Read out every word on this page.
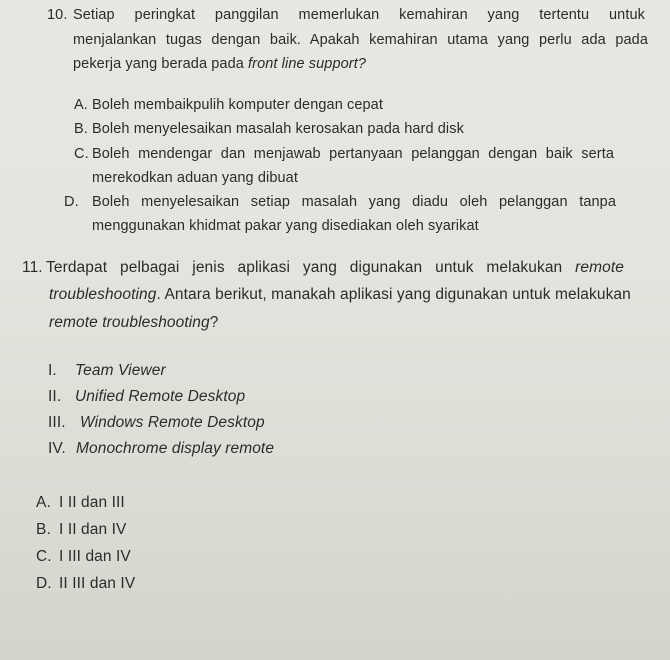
10. Setiap peringkat panggilan memerlukan kemahiran yang tertentu untuk
menjalankan tugas dengan baik. Apakah kemahiran utama yang perlu ada pada
pekerja yang berada pada front line support?
A. Boleh membaikpulih komputer dengan cepat
B. Boleh menyelesaikan masalah kerosakan pada hard disk
C. Boleh mendengar dan menjawab pertanyaan pelanggan dengan baik serta
merekodkan aduan yang dibuat
D. Boleh menyelesaikan setiap masalah yang diadu oleh pelanggan tanpa
menggunakan khidmat pakar yang disediakan oleh syarikat
11. Terdapat pelbagai jenis aplikasi yang digunakan untuk melakukan remote
troubleshooting. Antara berikut, manakah aplikasi yang digunakan untuk melakukan
remote troubleshooting?
I. Team Viewer
II. Unified Remote Desktop
III. Windows Remote Desktop
IV. Monochrome display remote
A. I II dan III
B. I II dan IV
C. I III dan IV
D. II III dan IV
